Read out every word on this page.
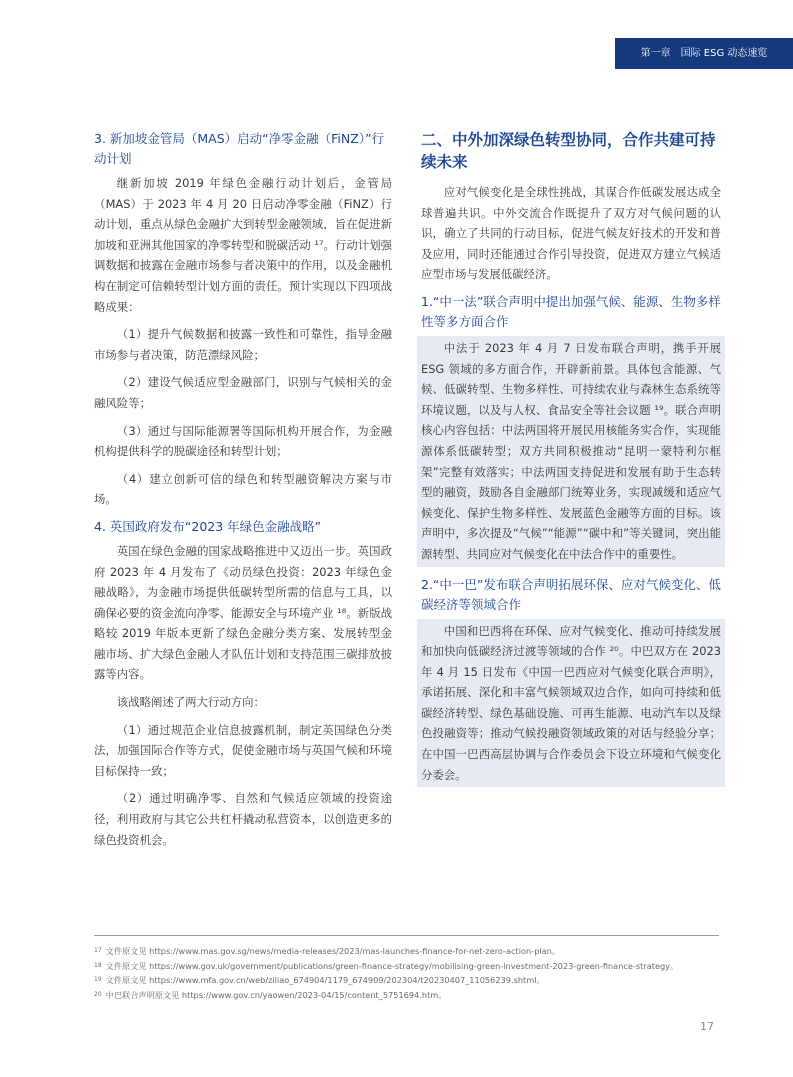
第一章　国际 ESG 动态速览
3. 新加坡金管局（MAS）启动“净零金融（FiNZ）”行动计划

继新加坡 2019 年绿色金融行动计划后，金管局（MAS）于 2023 年 4 月 20 日启动净零金融（FiNZ）行动计划，重点从绿色金融扩大到转型金融领域，旨在促进新加坡和亚洲其他国家的净零转型和脱碳活动 ¹⁷。行动计划强调数据和披露在金融市场参与者决策中的作用，以及金融机构在制定可信赖转型计划方面的责任。预计实现以下四项战略成果：

（1）提升气候数据和披露一致性和可靠性，指导金融市场参与者决策，防范漂绿风险；

（2）建设气候适应型金融部门，识别与气候相关的金融风险等；

（3）通过与国际能源署等国际机构开展合作，为金融机构提供科学的脱碳途径和转型计划；

（4）建立创新可信的绿色和转型融资解决方案与市场。

4. 英国政府发布“2023 年绿色金融战略”

英国在绿色金融的国家战略推进中又迈出一步。英国政府 2023 年 4 月发布了《动员绿色投资：2023 年绿色金融战略》，为金融市场提供低碳转型所需的信息与工具，以确保必要的资金流向净零、能源安全与环境产业 ¹⁸。新版战略较 2019 年版本更新了绿色金融分类方案、发展转型金融市场、扩大绿色金融人才队伍计划和支持范围三碳排放披露等内容。

该战略阐述了两大行动方向：

（1）通过规范企业信息披露机制，制定英国绿色分类法，加强国际合作等方式，促使金融市场与英国气候和环境目标保持一致；

（2）通过明确净零、自然和气候适应领域的投资途径，利用政府与其它公共杠杆撬动私营资本，以创造更多的绿色投资机会。

二、中外加深绿色转型协同，合作共建可持续未来

应对气候变化是全球性挑战，其谋合作低碳发展达成全球普遍共识。中外交流合作既提升了双方对气候问题的认识，确立了共同的行动目标，促进气候友好技术的开发和普及应用，同时还能通过合作引导投资，促进双方建立气候适应型市场与发展低碳经济。

1.“中一法”联合声明中提出加强气候、能源、生物多样性等多方面合作

中法于 2023 年 4 月 7 日发布联合声明，携手开展 ESG 领域的多方面合作，开辟新前景。具体包含能源、气候、低碳转型、生物多样性、可持续农业与森林生态系统等环境议题，以及与人权、食品安全等社会议题 ¹⁹。联合声明核心内容包括：中法两国将开展民用核能务实合作，实现能源体系低碳转型；双方共同积极推动“昆明一蒙特利尔框架”完整有效落实；中法两国支持促进和发展有助于生态转型的融资，鼓励各自金融部门统筹业务，实现减缓和适应气候变化、保护生物多样性、发展蓝色金融等方面的目标。该声明中，多次提及“气候”“能源”“碳中和”等关键词，突出能源转型、共同应对气候变化在中法合作中的重要性。

2.“中一巴”发布联合声明拓展环保、应对气候变化、低碳经济等领域合作

中国和巴西将在环保、应对气候变化、推动可持续发展和加快向低碳经济过渡等领域的合作 ²⁰。中巴双方在 2023 年 4 月 15 日发布《中国一巴西应对气候变化联合声明》，承诺拓展、深化和丰富气候领域双边合作，如向可持续和低碳经济转型、绿色基础设施、可再生能源、电动汽车以及绿色投融资等；推动气候投融资领域政策的对话与经验分享；在中国一巴西高层协调与合作委员会下设立环境和气候变化分委会。

$^{17}$ 文件原文见 https://www.mas.gov.sg/news/media-releases/2023/mas-launches-finance-for-net-zero-action-plan。
$^{18}$ 文件原文见 https://www.gov.uk/government/publications/green-finance-strategy/mobilising-green-investment-2023-green-finance-strategy。
$^{19}$ 文件原文见 https://www.mfa.gov.cn/web/ziliao_674904/1179_674909/202304/t20230407_11056239.shtml。
$^{20}$ 中巴联合声明原文见 https://www.gov.cn/yaowen/2023-04/15/content_5751694.htm。
17
